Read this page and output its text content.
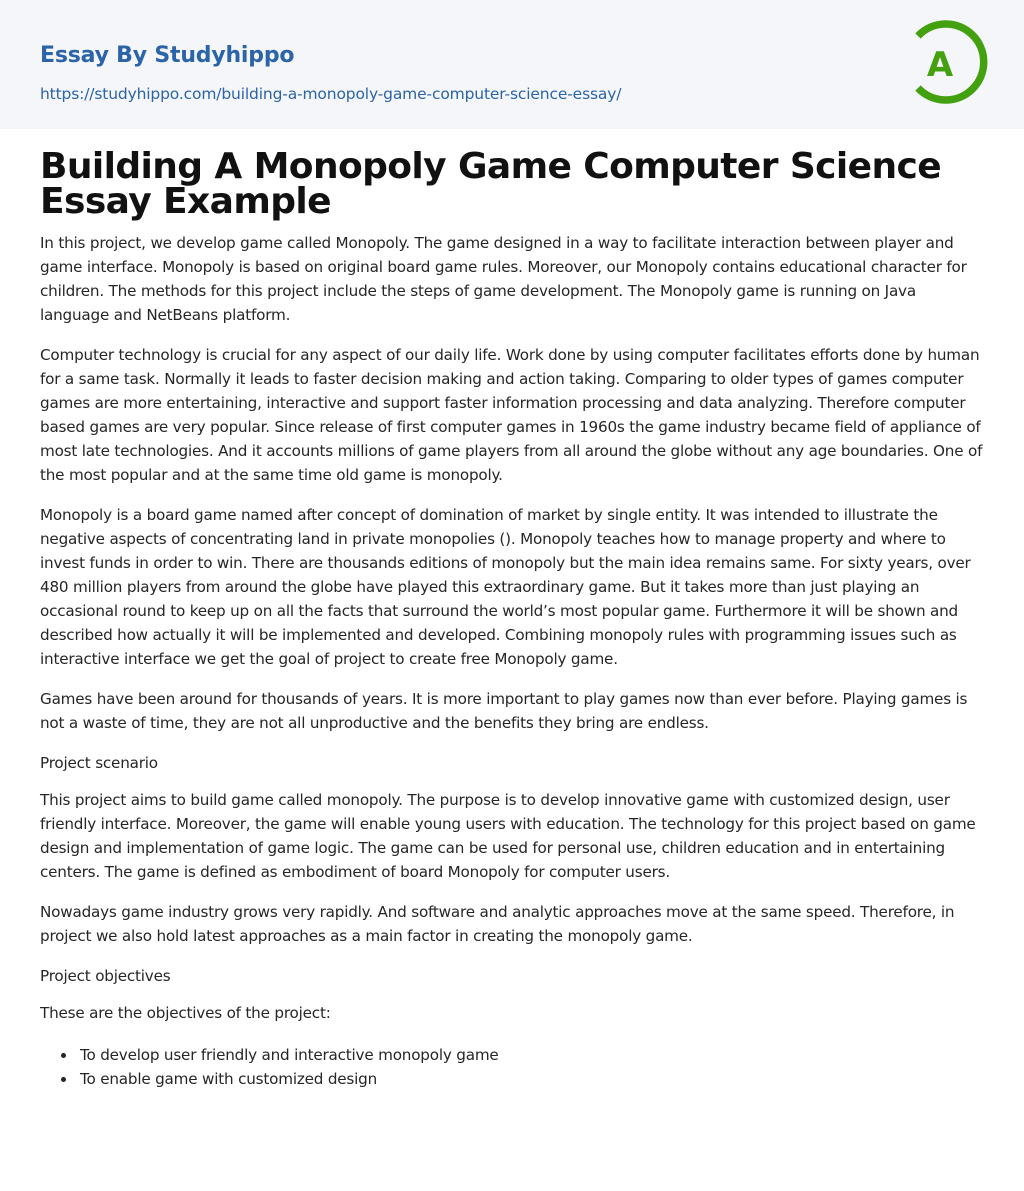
Essay By Studyhippo
https://studyhippo.com/building-a-monopoly-game-computer-science-essay/
A
Building A Monopoly Game Computer Science Essay Example

In this project, we develop game called Monopoly. The game designed in a way to facilitate interaction between player and game interface. Monopoly is based on original board game rules. Moreover, our Monopoly contains educational character for children. The methods for this project include the steps of game development. The Monopoly game is running on Java language and NetBeans platform.

Computer technology is crucial for any aspect of our daily life. Work done by using computer facilitates efforts done by human for a same task. Normally it leads to faster decision making and action taking. Comparing to older types of games computer games are more entertaining, interactive and support faster information processing and data analyzing. Therefore computer based games are very popular. Since release of first computer games in 1960s the game industry became field of appliance of most late technologies. And it accounts millions of game players from all around the globe without any age boundaries. One of the most popular and at the same time old game is monopoly.

Monopoly is a board game named after concept of domination of market by single entity. It was intended to illustrate the negative aspects of concentrating land in private monopolies (). Monopoly teaches how to manage property and where to invest funds in order to win. There are thousands editions of monopoly but the main idea remains same. For sixty years, over 480 million players from around the globe have played this extraordinary game. But it takes more than just playing an occasional round to keep up on all the facts that surround the world’s most popular game. Furthermore it will be shown and described how actually it will be implemented and developed. Combining monopoly rules with programming issues such as interactive interface we get the goal of project to create free Monopoly game.

Games have been around for thousands of years. It is more important to play games now than ever before. Playing games is not a waste of time, they are not all unproductive and the benefits they bring are endless.

Project scenario

This project aims to build game called monopoly. The purpose is to develop innovative game with customized design, user friendly interface. Moreover, the game will enable young users with education. The technology for this project based on game design and implementation of game logic. The game can be used for personal use, children education and in entertaining centers. The game is defined as embodiment of board Monopoly for computer users.

Nowadays game industry grows very rapidly. And software and analytic approaches move at the same speed. Therefore, in project we also hold latest approaches as a main factor in creating the monopoly game.

Project objectives

These are the objectives of the project:

To develop user friendly and interactive monopoly game
To enable game with customized design
